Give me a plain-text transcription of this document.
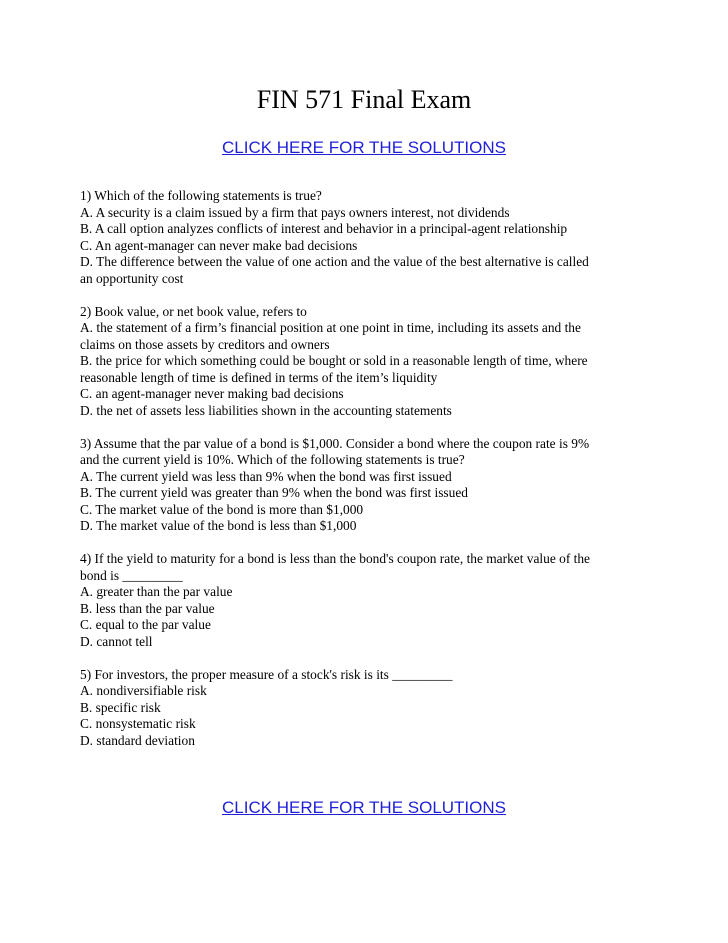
FIN 571 Final Exam
CLICK HERE FOR THE SOLUTIONS
1) Which of the following statements is true?
A. A security is a claim issued by a firm that pays owners interest, not dividends
B. A call option analyzes conflicts of interest and behavior in a principal-agent relationship
C. An agent-manager can never make bad decisions
D. The difference between the value of one action and the value of the best alternative is called
an opportunity cost
2) Book value, or net book value, refers to
A. the statement of a firm’s financial position at one point in time, including its assets and the
claims on those assets by creditors and owners
B. the price for which something could be bought or sold in a reasonable length of time, where
reasonable length of time is defined in terms of the item’s liquidity
C. an agent-manager never making bad decisions
D. the net of assets less liabilities shown in the accounting statements
3) Assume that the par value of a bond is $1,000. Consider a bond where the coupon rate is 9%
and the current yield is 10%. Which of the following statements is true?
A. The current yield was less than 9% when the bond was first issued
B. The current yield was greater than 9% when the bond was first issued
C. The market value of the bond is more than $1,000
D. The market value of the bond is less than $1,000
4) If the yield to maturity for a bond is less than the bond's coupon rate, the market value of the
bond is _________
A. greater than the par value
B. less than the par value
C. equal to the par value
D. cannot tell
5) For investors, the proper measure of a stock's risk is its _________
A. nondiversifiable risk
B. specific risk
C. nonsystematic risk
D. standard deviation
CLICK HERE FOR THE SOLUTIONS
